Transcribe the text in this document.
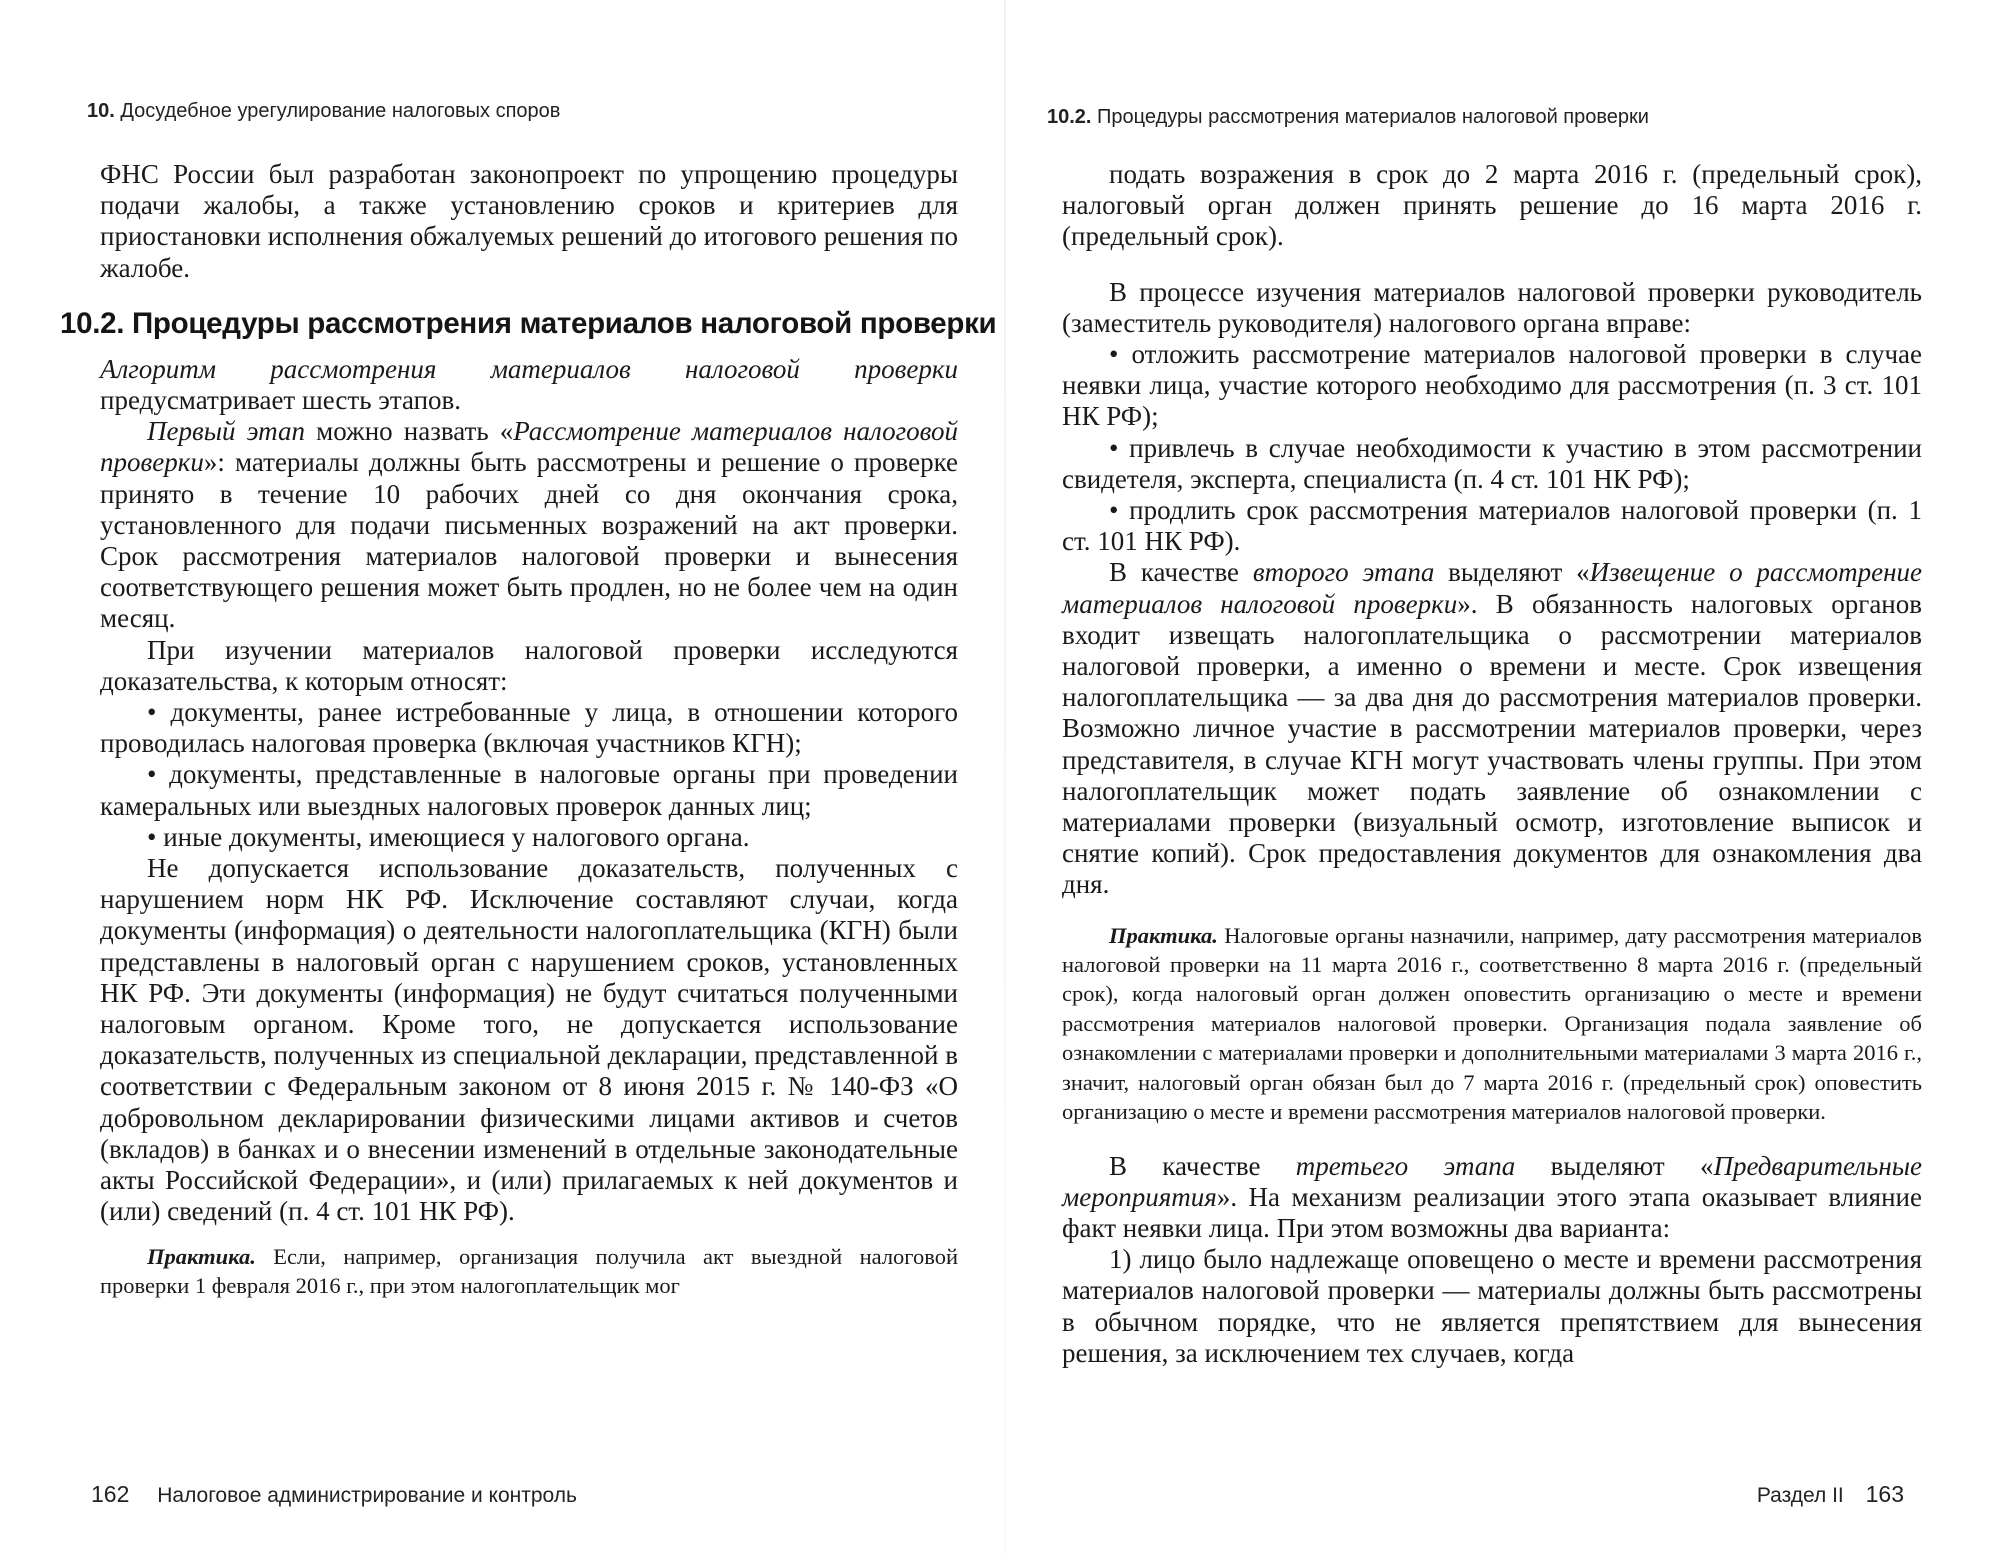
10. Досудебное урегулирование налоговых споров

ФНС России был разработан законопроект по упрощению процедуры подачи жалобы, а также установлению сроков и критериев для приостановки исполнения обжалуемых решений до итогового решения по жалобе.

10.2. Процедуры рассмотрения материалов налоговой проверки

Алгоритм рассмотрения материалов налоговой проверки предусматривает шесть этапов.

Первый этап можно назвать «Рассмотрение материалов налоговой проверки»: материалы должны быть рассмотрены и решение о проверке принято в течение 10 рабочих дней со дня окончания срока, установленного для подачи письменных возражений на акт проверки. Срок рассмотрения материалов налоговой проверки и вынесения соответствующего решения может быть продлен, но не более чем на один месяц.

При изучении материалов налоговой проверки исследуются доказательства, к которым относят:

• документы, ранее истребованные у лица, в отношении которого проводилась налоговая проверка (включая участников КГН);

• документы, представленные в налоговые органы при проведении камеральных или выездных налоговых проверок данных лиц;

• иные документы, имеющиеся у налогового органа.

Не допускается использование доказательств, полученных с нарушением норм НК РФ. Исключение составляют случаи, когда документы (информация) о деятельности налогоплательщика (КГН) были представлены в налоговый орган с нарушением сроков, установленных НК РФ. Эти документы (информация) не будут считаться полученными налоговым органом. Кроме того, не допускается использование доказательств, полученных из специальной декларации, представленной в соответствии с Федеральным законом от 8 июня 2015 г. № 140-ФЗ «О добровольном декларировании физическими лицами активов и счетов (вкладов) в банках и о внесении изменений в отдельные законодательные акты Российской Федерации», и (или) прилагаемых к ней документов и (или) сведений (п. 4 ст. 101 НК РФ).

Практика. Если, например, организация получила акт выездной налоговой проверки 1 февраля 2016 г., при этом налогоплательщик мог

162 Налоговое администрирование и контроль
10.2. Процедуры рассмотрения материалов налоговой проверки

подать возражения в срок до 2 марта 2016 г. (предельный срок), налоговый орган должен принять решение до 16 марта 2016 г. (предельный срок).

В процессе изучения материалов налоговой проверки руководитель (заместитель руководителя) налогового органа вправе:

• отложить рассмотрение материалов налоговой проверки в случае неявки лица, участие которого необходимо для рассмотрения (п. 3 ст. 101 НК РФ);

• привлечь в случае необходимости к участию в этом рассмотрении свидетеля, эксперта, специалиста (п. 4 ст. 101 НК РФ);

• продлить срок рассмотрения материалов налоговой проверки (п. 1 ст. 101 НК РФ).

В качестве второго этапа выделяют «Извещение о рассмотрение материалов налоговой проверки». В обязанность налоговых органов входит извещать налогоплательщика о рассмотрении материалов налоговой проверки, а именно о времени и месте. Срок извещения налогоплательщика — за два дня до рассмотрения материалов проверки. Возможно личное участие в рассмотрении материалов проверки, через представителя, в случае КГН могут участвовать члены группы. При этом налогоплательщик может подать заявление об ознакомлении с материалами проверки (визуальный осмотр, изготовление выписок и снятие копий). Срок предоставления документов для ознакомления два дня.

Практика. Налоговые органы назначили, например, дату рассмотрения материалов налоговой проверки на 11 марта 2016 г., соответственно 8 марта 2016 г. (предельный срок), когда налоговый орган должен оповестить организацию о месте и времени рассмотрения материалов налоговой проверки. Организация подала заявление об ознакомлении с материалами проверки и дополнительными материалами 3 марта 2016 г., значит, налоговый орган обязан был до 7 марта 2016 г. (предельный срок) оповестить организацию о месте и времени рассмотрения материалов налоговой проверки.

В качестве третьего этапа выделяют «Предварительные мероприятия». На механизм реализации этого этапа оказывает влияние факт неявки лица. При этом возможны два варианта:

1) лицо было надлежаще оповещено о месте и времени рассмотрения материалов налоговой проверки — материалы должны быть рассмотрены в обычном порядке, что не является препятствием для вынесения решения, за исключением тех случаев, когда

Раздел II 163
